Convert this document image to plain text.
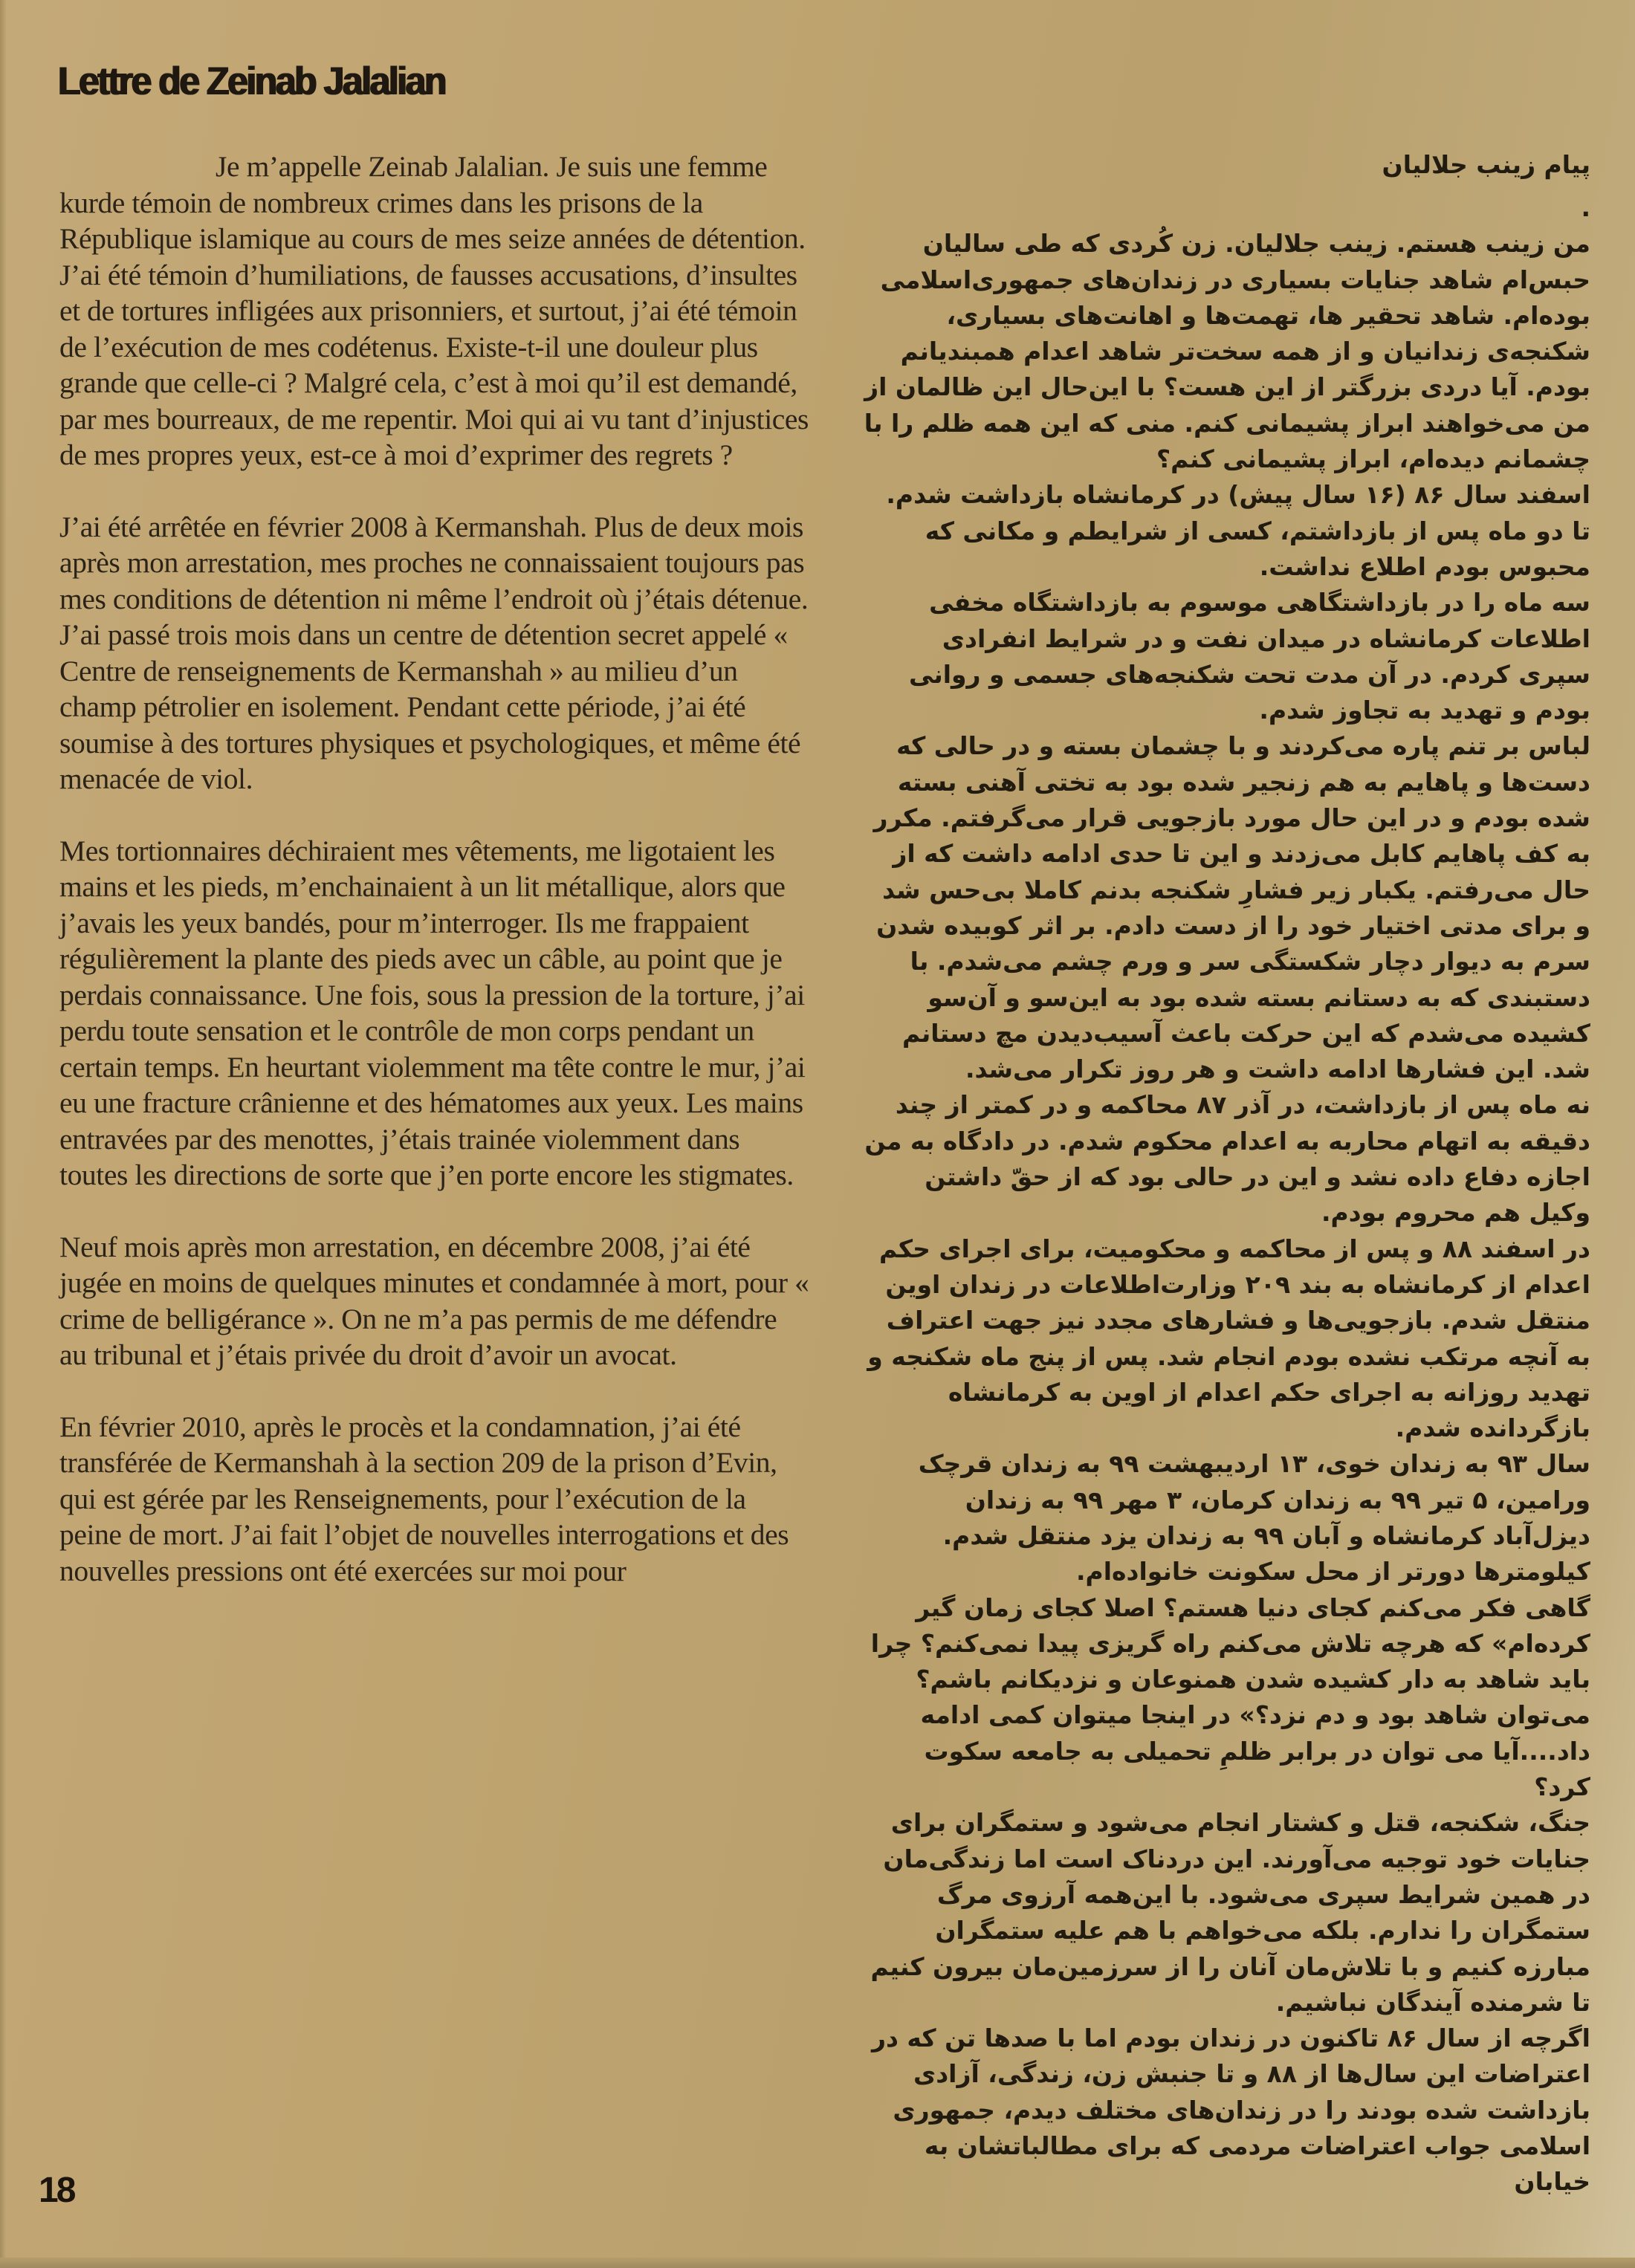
Lettre de Zeinab Jalalian

Je m’appelle Zeinab Jalalian. Je suis une femme kurde témoin de nombreux crimes dans les prisons de la République islamique au cours de mes seize années de détention. J’ai été témoin d’humiliations, de fausses accusations, d’insultes et de tortures infligées aux prisonniers, et surtout, j’ai été témoin de l’exécution de mes codétenus. Existe-t-il une douleur plus grande que celle-ci ? Malgré cela, c’est à moi qu’il est demandé, par mes bourreaux, de me repentir. Moi qui ai vu tant d’injustices de mes propres yeux, est-ce à moi d’exprimer des regrets ?

J’ai été arrêtée en février 2008 à Kermanshah. Plus de deux mois après mon arrestation, mes proches ne connaissaient toujours pas mes conditions de détention ni même l’endroit où j’étais détenue. J’ai passé trois mois dans un centre de détention secret appelé « Centre de renseignements de Kermanshah » au milieu d’un champ pétrolier en isolement. Pendant cette période, j’ai été soumise à des tortures physiques et psychologiques, et même été menacée de viol.

Mes tortionnaires déchiraient mes vêtements, me ligotaient les mains et les pieds, m’enchainaient à un lit métallique, alors que j’avais les yeux bandés, pour m’interroger. Ils me frappaient régulièrement la plante des pieds avec un câble, au point que je perdais connaissance. Une fois, sous la pression de la torture, j’ai perdu toute sensation et le contrôle de mon corps pendant un certain temps. En heurtant violemment ma tête contre le mur, j’ai eu une fracture crânienne et des hématomes aux yeux. Les mains entravées par des menottes, j’étais trainée violemment dans toutes les directions de sorte que j’en porte encore les stigmates.

Neuf mois après mon arrestation, en décembre 2008, j’ai été jugée en moins de quelques minutes et condamnée à mort, pour « crime de belligérance ». On ne m’a pas permis de me défendre au tribunal et j’étais privée du droit d’avoir un avocat.

En février 2010, après le procès et la condamnation, j’ai été transférée de Kermanshah à la section 209 de la prison d’Evin, qui est gérée par les Renseignements, pour l’exécution de la peine de mort. J’ai fait l’objet de nouvelles interrogations et des nouvelles pressions ont été exercées sur moi pour

پیام زینب جلالیان
.

من زینب هستم. زینب جلالیان. زن کُردی که طی سالیان حبس‌ام شاهد جنایات بسیاری در زندان‌های جمهوری‌اسلامی بوده‌ام. شاهد تحقیر ها، تهمت‌ها و اهانت‌های بسیاری، شکنجه‌ی زندانیان و از همه سخت‌تر شاهد اعدام همبندیانم بودم. آیا دردی بزرگتر از این هست؟ با این‌حال این ظالمان از من می‌خواهند ابراز پشیمانی کنم. منی که این همه ظلم را با چشمانم دیده‌ام، ابراز پشیمانی کنم؟

اسفند سال ۸۶ (۱۶ سال پیش) در کرمانشاه بازداشت شدم. تا دو ماه پس از بازداشتم، کسی از شرایطم و مکانی که محبوس بودم اطلاع نداشت.

سه ماه را در بازداشتگاهی موسوم به بازداشتگاه مخفی اطلاعات کرمانشاه در میدان نفت و در شرایط انفرادی سپری کردم. در آن مدت تحت شکنجه‌های جسمی و روانی بودم و تهدید به تجاوز شدم.

لباس بر تنم پاره می‌کردند و با چشمان بسته و در حالی که دست‌ها و پاهایم به هم زنجیر شده بود به تختی آهنی بسته شده بودم و در این حال مورد بازجویی قرار می‌گرفتم. مکرر به کف پاهایم کابل می‌زدند و این تا حدی ادامه داشت که از حال می‌رفتم. یکبار زیر فشارِ شکنجه بدنم کاملا بی‌حس شد و برای مدتی اختیار خود را از دست دادم. بر اثر کوبیده شدن سرم به دیوار دچار شکستگی سر و ورم چشم می‌شدم. با دستبندی که به دستانم بسته شده بود به این‌سو و آن‌سو کشیده می‌شدم که این حرکت باعث آسیب‌دیدن مچ دستانم شد. این فشارها ادامه داشت و هر روز تکرار می‌شد.

نه ماه پس از بازداشت، در آذر ۸۷ محاکمه و در کمتر از چند دقیقه به اتهام محاربه به اعدام محکوم شدم. در دادگاه به من اجازه دفاع داده نشد و این در حالی بود که از حقّ داشتن وکیل هم محروم بودم.

در اسفند ۸۸ و پس از محاکمه و محکومیت، برای اجرای حکم اعدام از کرمانشاه به بند ۲۰۹ وزارت‌اطلاعات در زندان اوین منتقل شدم. بازجویی‌ها و فشارهای مجدد نیز جهت اعتراف به آنچه مرتکب نشده بودم انجام شد. پس از پنج ماه شکنجه و تهدید روزانه به اجرای حکم اعدام از اوین به کرمانشاه بازگردانده شدم.

سال ۹۳ به زندان خوی، ۱۳ اردیبهشت ۹۹ به زندان قرچک ورامین، ۵ تیر ۹۹ به زندان کرمان، ۳ مهر ۹۹ به زندان دیزل‌آباد کرمانشاه و آبان ۹۹ به زندان یزد منتقل شدم. کیلومترها دورتر از محل سکونت خانواده‌ام.

گاهی فکر می‌کنم کجای دنیا هستم؟ اصلا کجای زمان گیر کرده‌ام» که هرچه تلاش می‌کنم راه گریزی پیدا نمی‌کنم؟ چرا باید شاهد به دار کشیده شدن همنوعان و نزدیکانم باشم؟ می‌توان شاهد بود و دم نزد؟» در اینجا میتوان کمی ادامه داد....آیا می توان در برابر ظلمِ تحمیلی به جامعه سکوت کرد؟

جنگ، شکنجه، قتل و کشتار انجام می‌شود و ستمگران برای جنایات خود توجیه می‌آورند. این دردناک است اما زندگی‌مان در همین شرایط سپری می‌شود. با این‌همه آرزوی مرگ ستمگران را ندارم. بلکه می‌خواهم با هم علیه ستمگران مبارزه کنیم و با تلاش‌مان آنان را از سرزمین‌مان بیرون کنیم تا شرمنده آیندگان نباشیم.

اگرچه از سال ۸۶ تاکنون در زندان بودم اما با صدها تن که در اعتراضات این سال‌ها از ۸۸ و تا جنبش زن، زندگی، آزادی بازداشت شده بودند را در زندان‌های مختلف دیدم، جمهوری اسلامی جواب اعتراضات مردمی که برای مطالباتشان به خیابان

18
